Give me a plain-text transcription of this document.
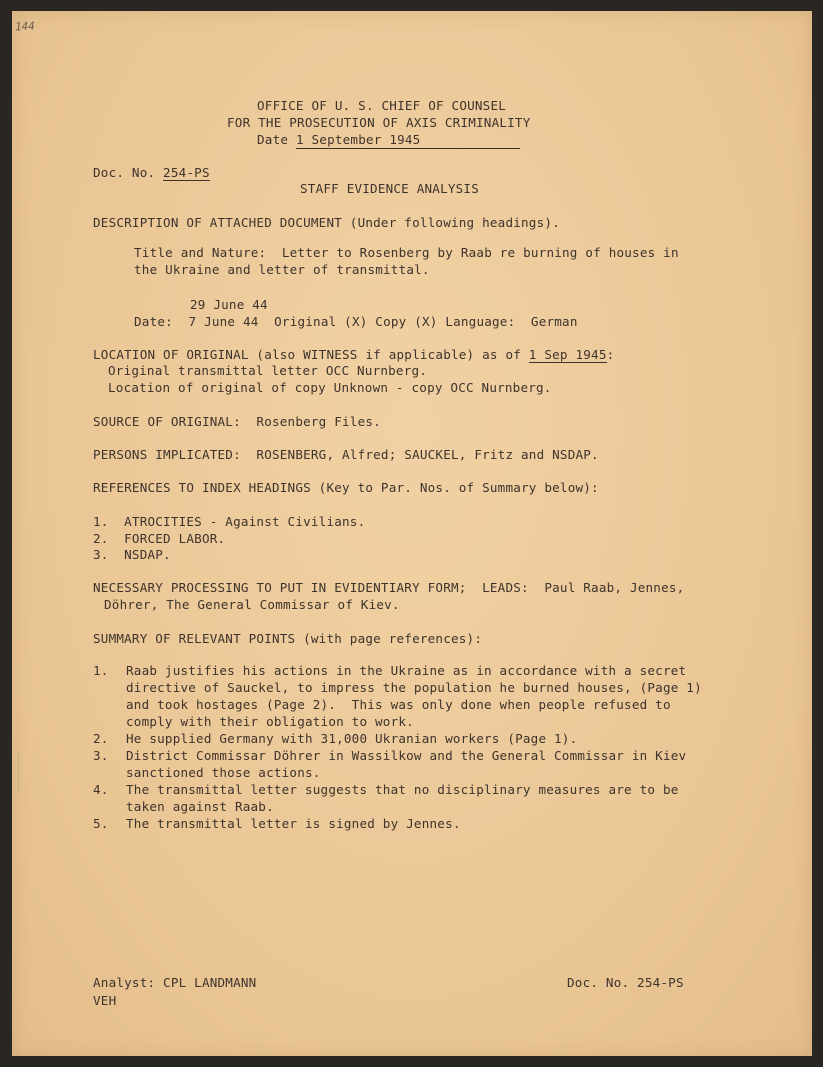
144
OFFICE OF U. S. CHIEF OF COUNSEL
FOR THE PROSECUTION OF AXIS CRIMINALITY
Date 1 September 1945
Doc. No. 254-PS
STAFF EVIDENCE ANALYSIS
DESCRIPTION OF ATTACHED DOCUMENT (Under following headings).
Title and Nature:  Letter to Rosenberg by Raab re burning of houses in
the Ukraine and letter of transmittal.
29 June 44
Date: 7 June 44 Original (X) Copy (X) Language:  German
LOCATION OF ORIGINAL (also WITNESS if applicable) as of 1 Sep 1945:
Original transmittal letter OCC Nurnberg.
Location of original of copy Unknown - copy OCC Nurnberg.
SOURCE OF ORIGINAL:  Rosenberg Files.
PERSONS IMPLICATED:  ROSENBERG, Alfred; SAUCKEL, Fritz and NSDAP.
REFERENCES TO INDEX HEADINGS (Key to Par. Nos. of Summary below):
1.  ATROCITIES - Against Civilians.
2.  FORCED LABOR.
3.  NSDAP.
NECESSARY PROCESSING TO PUT IN EVIDENTIARY FORM;  LEADS:  Paul Raab, Jennes,
Döhrer, The General Commissar of Kiev.
SUMMARY OF RELEVANT POINTS (with page references):
1. Raab justifies his actions in the Ukraine as in accordance with a secret
directive of Sauckel, to impress the population he burned houses, (Page 1)
and took hostages (Page 2).  This was only done when people refused to
comply with their obligation to work.
2. He supplied Germany with 31,000 Ukranian workers (Page 1).
3. District Commissar Döhrer in Wassilkow and the General Commissar in Kiev
sanctioned those actions.
4. The transmittal letter suggests that no disciplinary measures are to be
taken against Raab.
5. The transmittal letter is signed by Jennes.
Analyst: CPL LANDMANN
VEH
Doc. No. 254-PS
